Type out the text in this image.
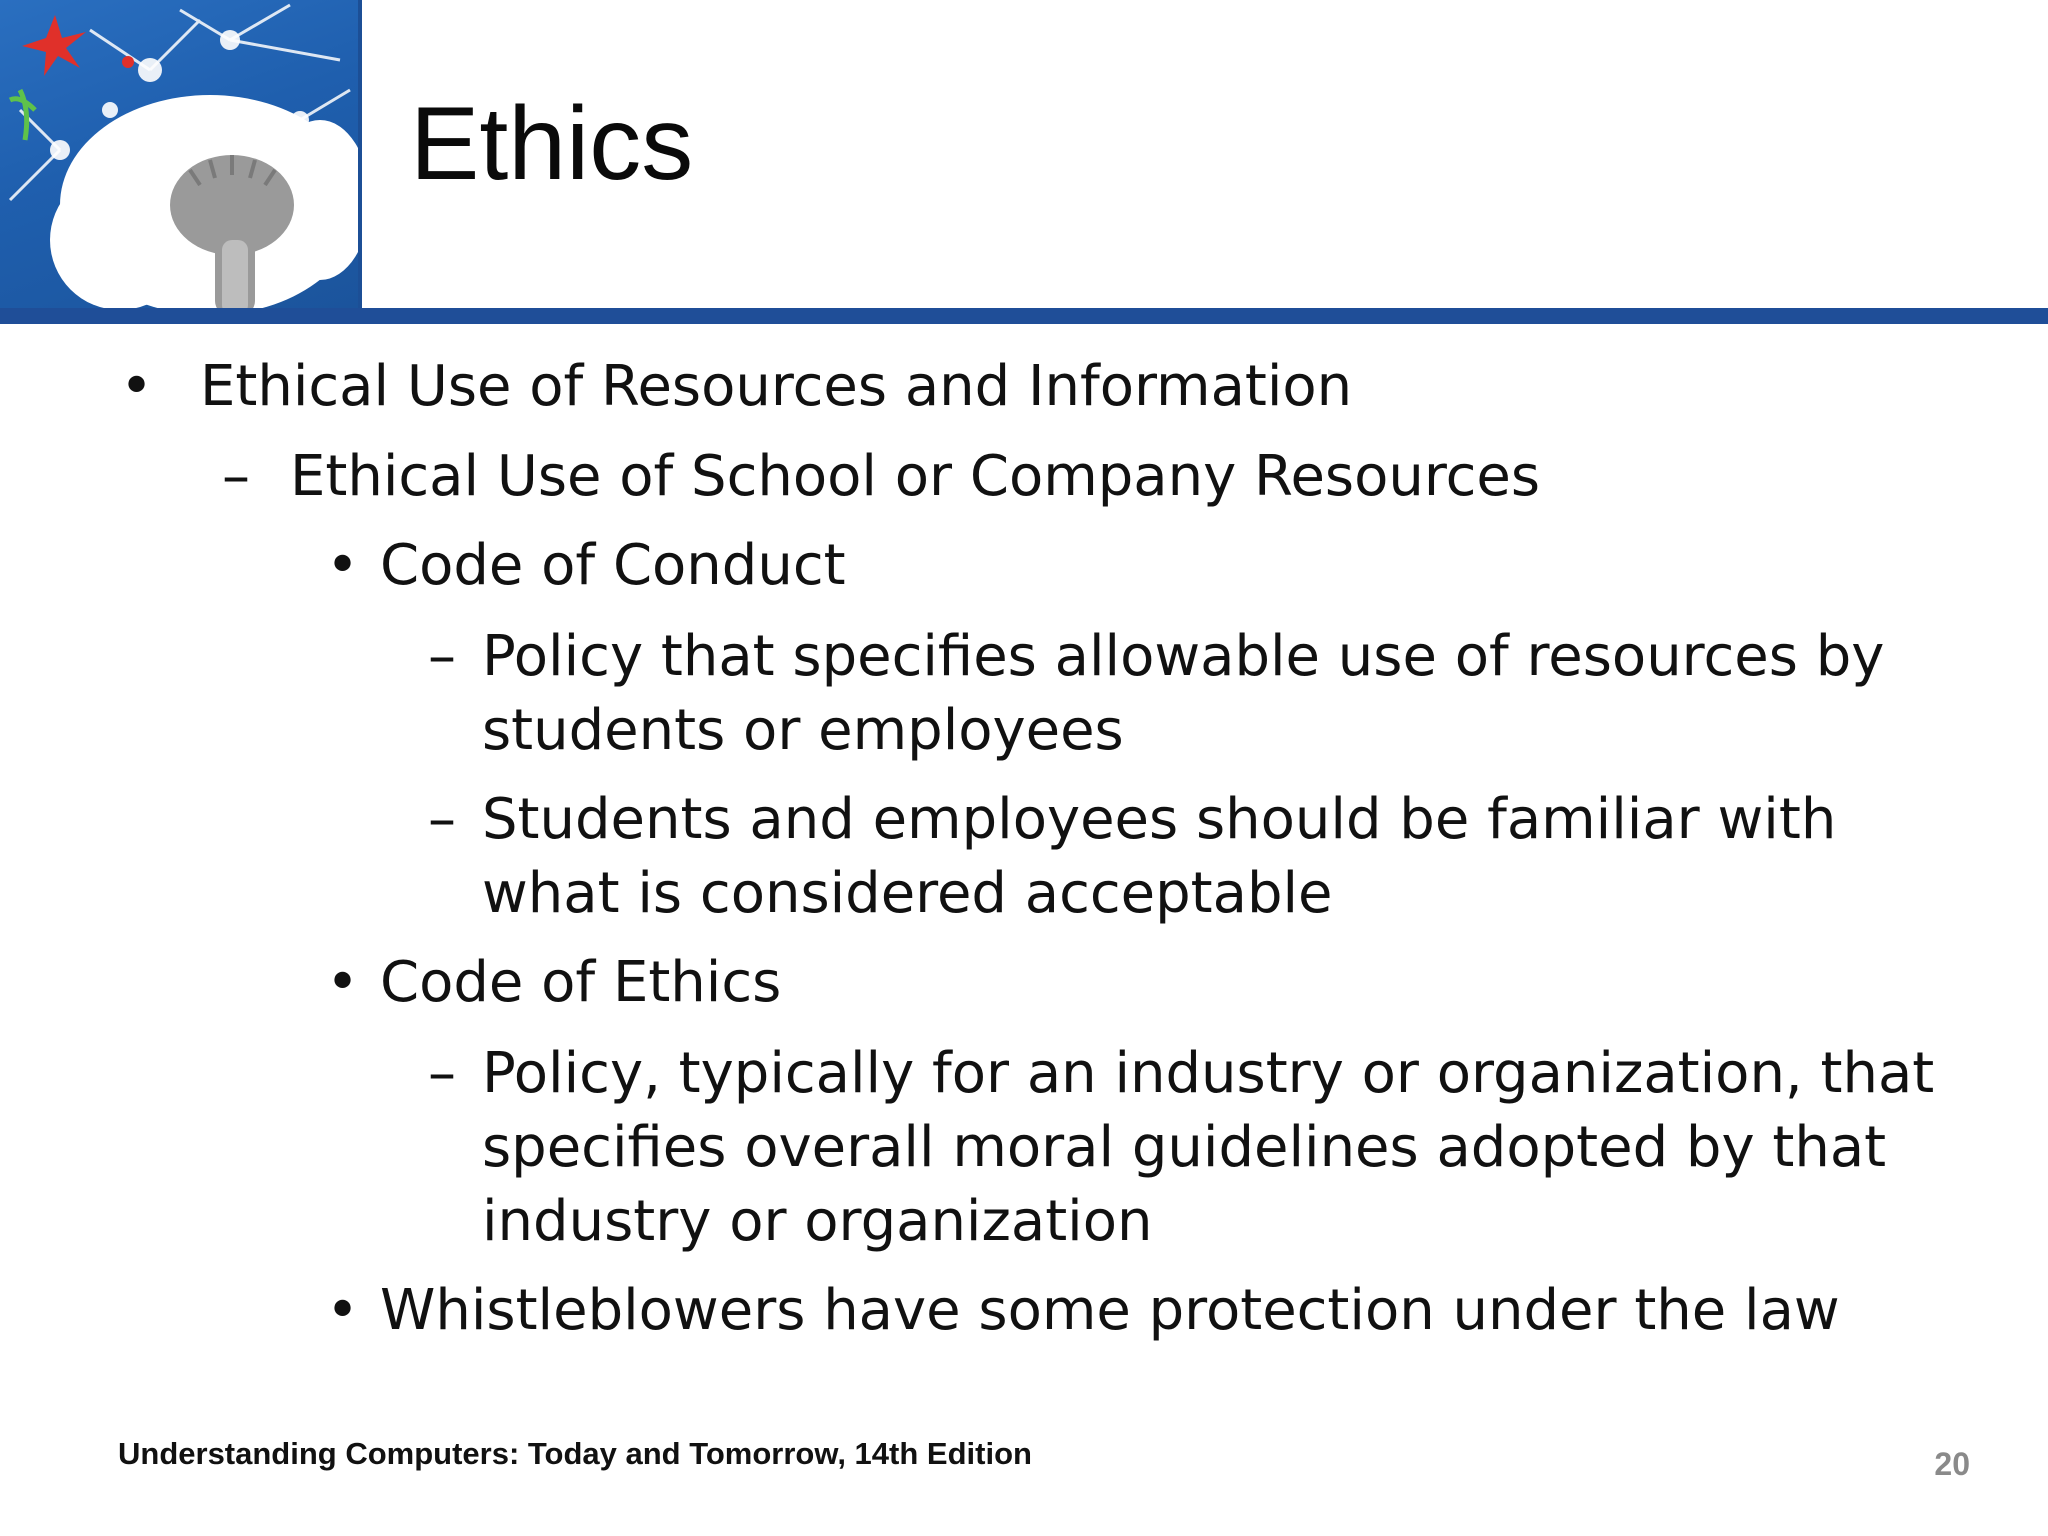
Ethics
• Ethical Use of Resources and Information
– Ethical Use of School or Company Resources
• Code of Conduct
– Policy that specifies allowable use of resources by
students or employees
– Students and employees should be familiar with
what is considered acceptable
• Code of Ethics
– Policy, typically for an industry or organization, that
specifies overall moral guidelines adopted by that
industry or organization
• Whistleblowers have some protection under the law
Understanding Computers: Today and Tomorrow, 14th Edition	20
